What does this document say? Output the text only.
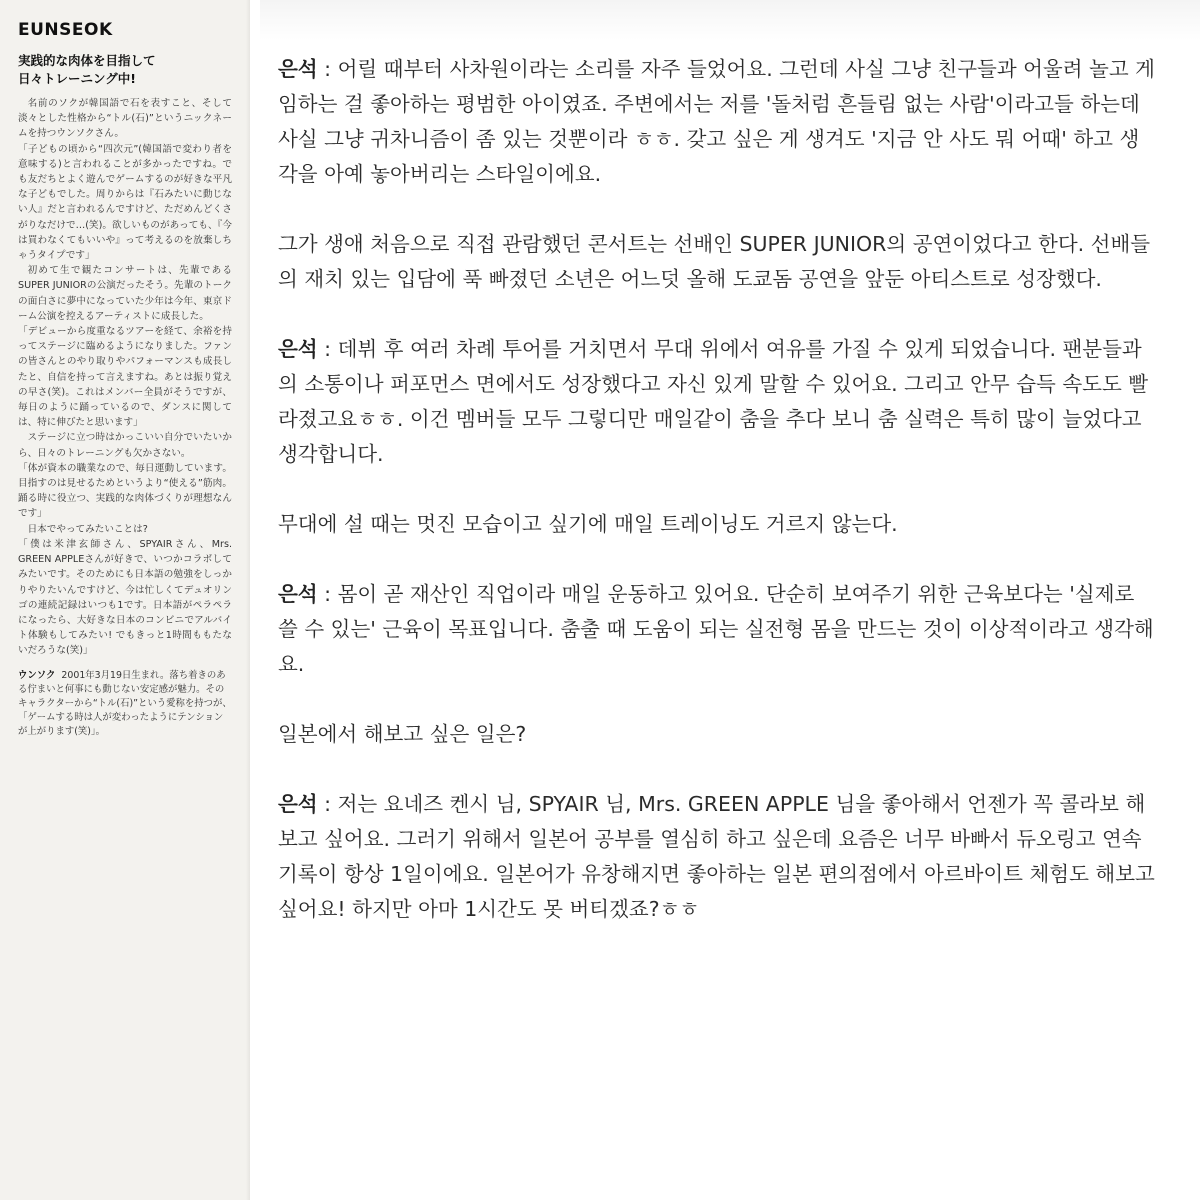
EUNSEOK
実践的な肉体を目指して
日々トレーニング中!

名前のソクが韓国語で石を表すこと、そして淡々とした性格から“トル(石)”というニックネームを持つウンソクさん。

「子どもの頃から“四次元”(韓国語で変わり者を意味する)と言われることが多かったですね。でも友だちとよく遊んでゲームするのが好きな平凡な子どもでした。周りからは『石みたいに動じない人』だと言われるんですけど、ただめんどくさがりなだけで…(笑)。欲しいものがあっても、『今は買わなくてもいいや』って考えるのを放棄しちゃうタイプです」

初めて生で観たコンサートは、先輩であるSUPER JUNIORの公演だったそう。先輩のトークの面白さに夢中になっていた少年は今年、東京ドーム公演を控えるアーティストに成長した。

「デビューから度重なるツアーを経て、余裕を持ってステージに臨めるようになりました。ファンの皆さんとのやり取りやパフォーマンスも成長したと、自信を持って言えますね。あとは振り覚えの早さ(笑)。これはメンバー全員がそうですが、毎日のように踊っているので、ダンスに関しては、特に伸びたと思います」

ステージに立つ時はかっこいい自分でいたいから、日々のトレーニングも欠かさない。

「体が資本の職業なので、毎日運動しています。目指すのは見せるためというより“使える”筋肉。踊る時に役立つ、実践的な肉体づくりが理想なんです」

日本でやってみたいことは?

「僕は米津玄師さん、SPYAIRさん、Mrs. GREEN APPLEさんが好きで、いつかコラボしてみたいです。そのためにも日本語の勉強をしっかりやりたいんですけど、今は忙しくてデュオリンゴの連続記録はいつも1です。日本語がペラペラになったら、大好きな日本のコンビニでアルバイト体験もしてみたい! でもきっと1時間ももたないだろうな(笑)」

ウンソク 2001年3月19日生まれ。落ち着きのある佇まいと何事にも動じない安定感が魅力。そのキャラクターから“トル(石)”という愛称を持つが、「ゲームする時は人が変わったようにテンションが上がります(笑)」。

은석 : 어릴 때부터 사차원이라는 소리를 자주 들었어요. 그런데 사실 그냥 친구들과 어울려 놀고 게임하는 걸 좋아하는 평범한 아이였죠. 주변에서는 저를 '돌처럼 흔들림 없는 사람'이라고들 하는데 사실 그냥 귀차니즘이 좀 있는 것뿐이라 ㅎㅎ. 갖고 싶은 게 생겨도 '지금 안 사도 뭐 어때' 하고 생각을 아예 놓아버리는 스타일이에요.

그가 생애 처음으로 직접 관람했던 콘서트는 선배인 SUPER JUNIOR의 공연이었다고 한다. 선배들의 재치 있는 입담에 푹 빠졌던 소년은 어느덧 올해 도쿄돔 공연을 앞둔 아티스트로 성장했다.

은석 : 데뷔 후 여러 차례 투어를 거치면서 무대 위에서 여유를 가질 수 있게 되었습니다. 팬분들과의 소통이나 퍼포먼스 면에서도 성장했다고 자신 있게 말할 수 있어요. 그리고 안무 습득 속도도 빨라졌고요ㅎㅎ. 이건 멤버들 모두 그렇디만 매일같이 춤을 추다 보니 춤 실력은 특히 많이 늘었다고 생각합니다.

무대에 설 때는 멋진 모습이고 싶기에 매일 트레이닝도 거르지 않는다.

은석 : 몸이 곧 재산인 직업이라 매일 운동하고 있어요. 단순히 보여주기 위한 근육보다는 '실제로 쓸 수 있는' 근육이 목표입니다. 춤출 때 도움이 되는 실전형 몸을 만드는 것이 이상적이라고 생각해요.

일본에서 해보고 싶은 일은?

은석 : 저는 요네즈 켄시 님, SPYAIR 님, Mrs. GREEN APPLE 님을 좋아해서 언젠가 꼭 콜라보 해보고 싶어요. 그러기 위해서 일본어 공부를 열심히 하고 싶은데 요즘은 너무 바빠서 듀오링고 연속 기록이 항상 1일이에요. 일본어가 유창해지면 좋아하는 일본 편의점에서 아르바이트 체험도 해보고 싶어요! 하지만 아마 1시간도 못 버티겠죠?ㅎㅎ
